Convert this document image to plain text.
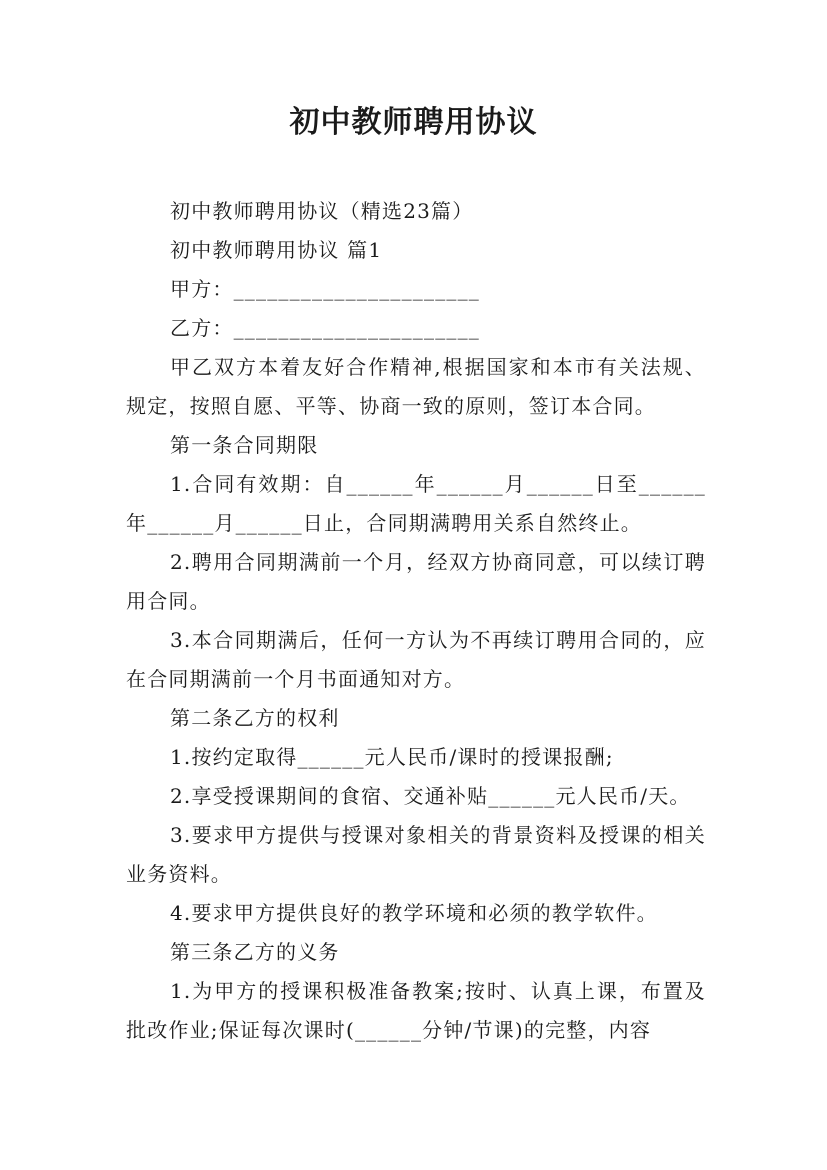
初中教师聘用协议

初中教师聘用协议（精选23篇）

初中教师聘用协议 篇1

甲方：______________________

乙方：______________________

甲乙双方本着友好合作精神,根据国家和本市有关法规、规定，按照自愿、平等、协商一致的原则，签订本合同。

第一条合同期限

1.合同有效期：自______年______月______日至______年______月______日止，合同期满聘用关系自然终止。

2.聘用合同期满前一个月，经双方协商同意，可以续订聘用合同。

3.本合同期满后，任何一方认为不再续订聘用合同的，应在合同期满前一个月书面通知对方。

第二条乙方的权利

1.按约定取得______元人民币/课时的授课报酬;

2.享受授课期间的食宿、交通补贴______元人民币/天。

3.要求甲方提供与授课对象相关的背景资料及授课的相关业务资料。

4.要求甲方提供良好的教学环境和必须的教学软件。

第三条乙方的义务

1.为甲方的授课积极准备教案;按时、认真上课，布置及批改作业;保证每次课时(______分钟/节课)的完整，内容
